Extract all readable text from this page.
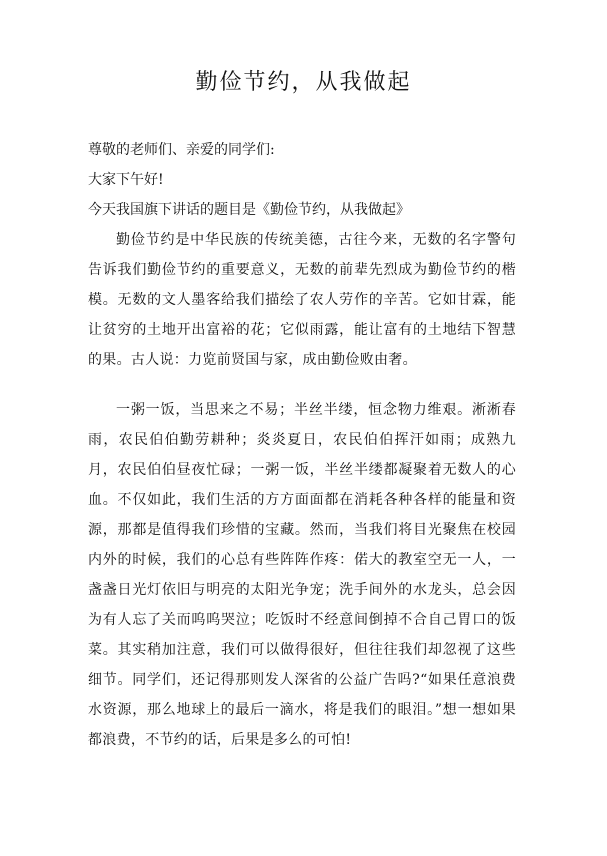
勤俭节约，从我做起

尊敬的老师们、亲爱的同学们:

大家下午好!

今天我国旗下讲话的题目是《勤俭节约，从我做起》

勤俭节约是中华民族的传统美德，古往今来，无数的名字警句告诉我们勤俭节约的重要意义，无数的前辈先烈成为勤俭节约的楷模。无数的文人墨客给我们描绘了农人劳作的辛苦。它如甘霖，能让贫穷的土地开出富裕的花；它似雨露，能让富有的土地结下智慧的果。古人说：力览前贤国与家，成由勤俭败由奢。

一粥一饭，当思来之不易；半丝半缕，恒念物力维艰。淅淅春雨，农民伯伯勤劳耕种；炎炎夏日，农民伯伯挥汗如雨；成熟九月，农民伯伯昼夜忙碌；一粥一饭，半丝半缕都凝聚着无数人的心血。不仅如此，我们生活的方方面面都在消耗各种各样的能量和资源，那都是值得我们珍惜的宝藏。然而，当我们将目光聚焦在校园内外的时候，我们的心总有些阵阵作疼：偌大的教室空无一人，一盏盏日光灯依旧与明亮的太阳光争宠；洗手间外的水龙头，总会因为有人忘了关而呜呜哭泣；吃饭时不经意间倒掉不合自己胃口的饭菜。其实稍加注意，我们可以做得很好，但往往我们却忽视了这些细节。同学们，还记得那则发人深省的公益广告吗?“如果任意浪费水资源，那么地球上的最后一滴水，将是我们的眼泪。”想一想如果都浪费，不节约的话，后果是多么的可怕!
